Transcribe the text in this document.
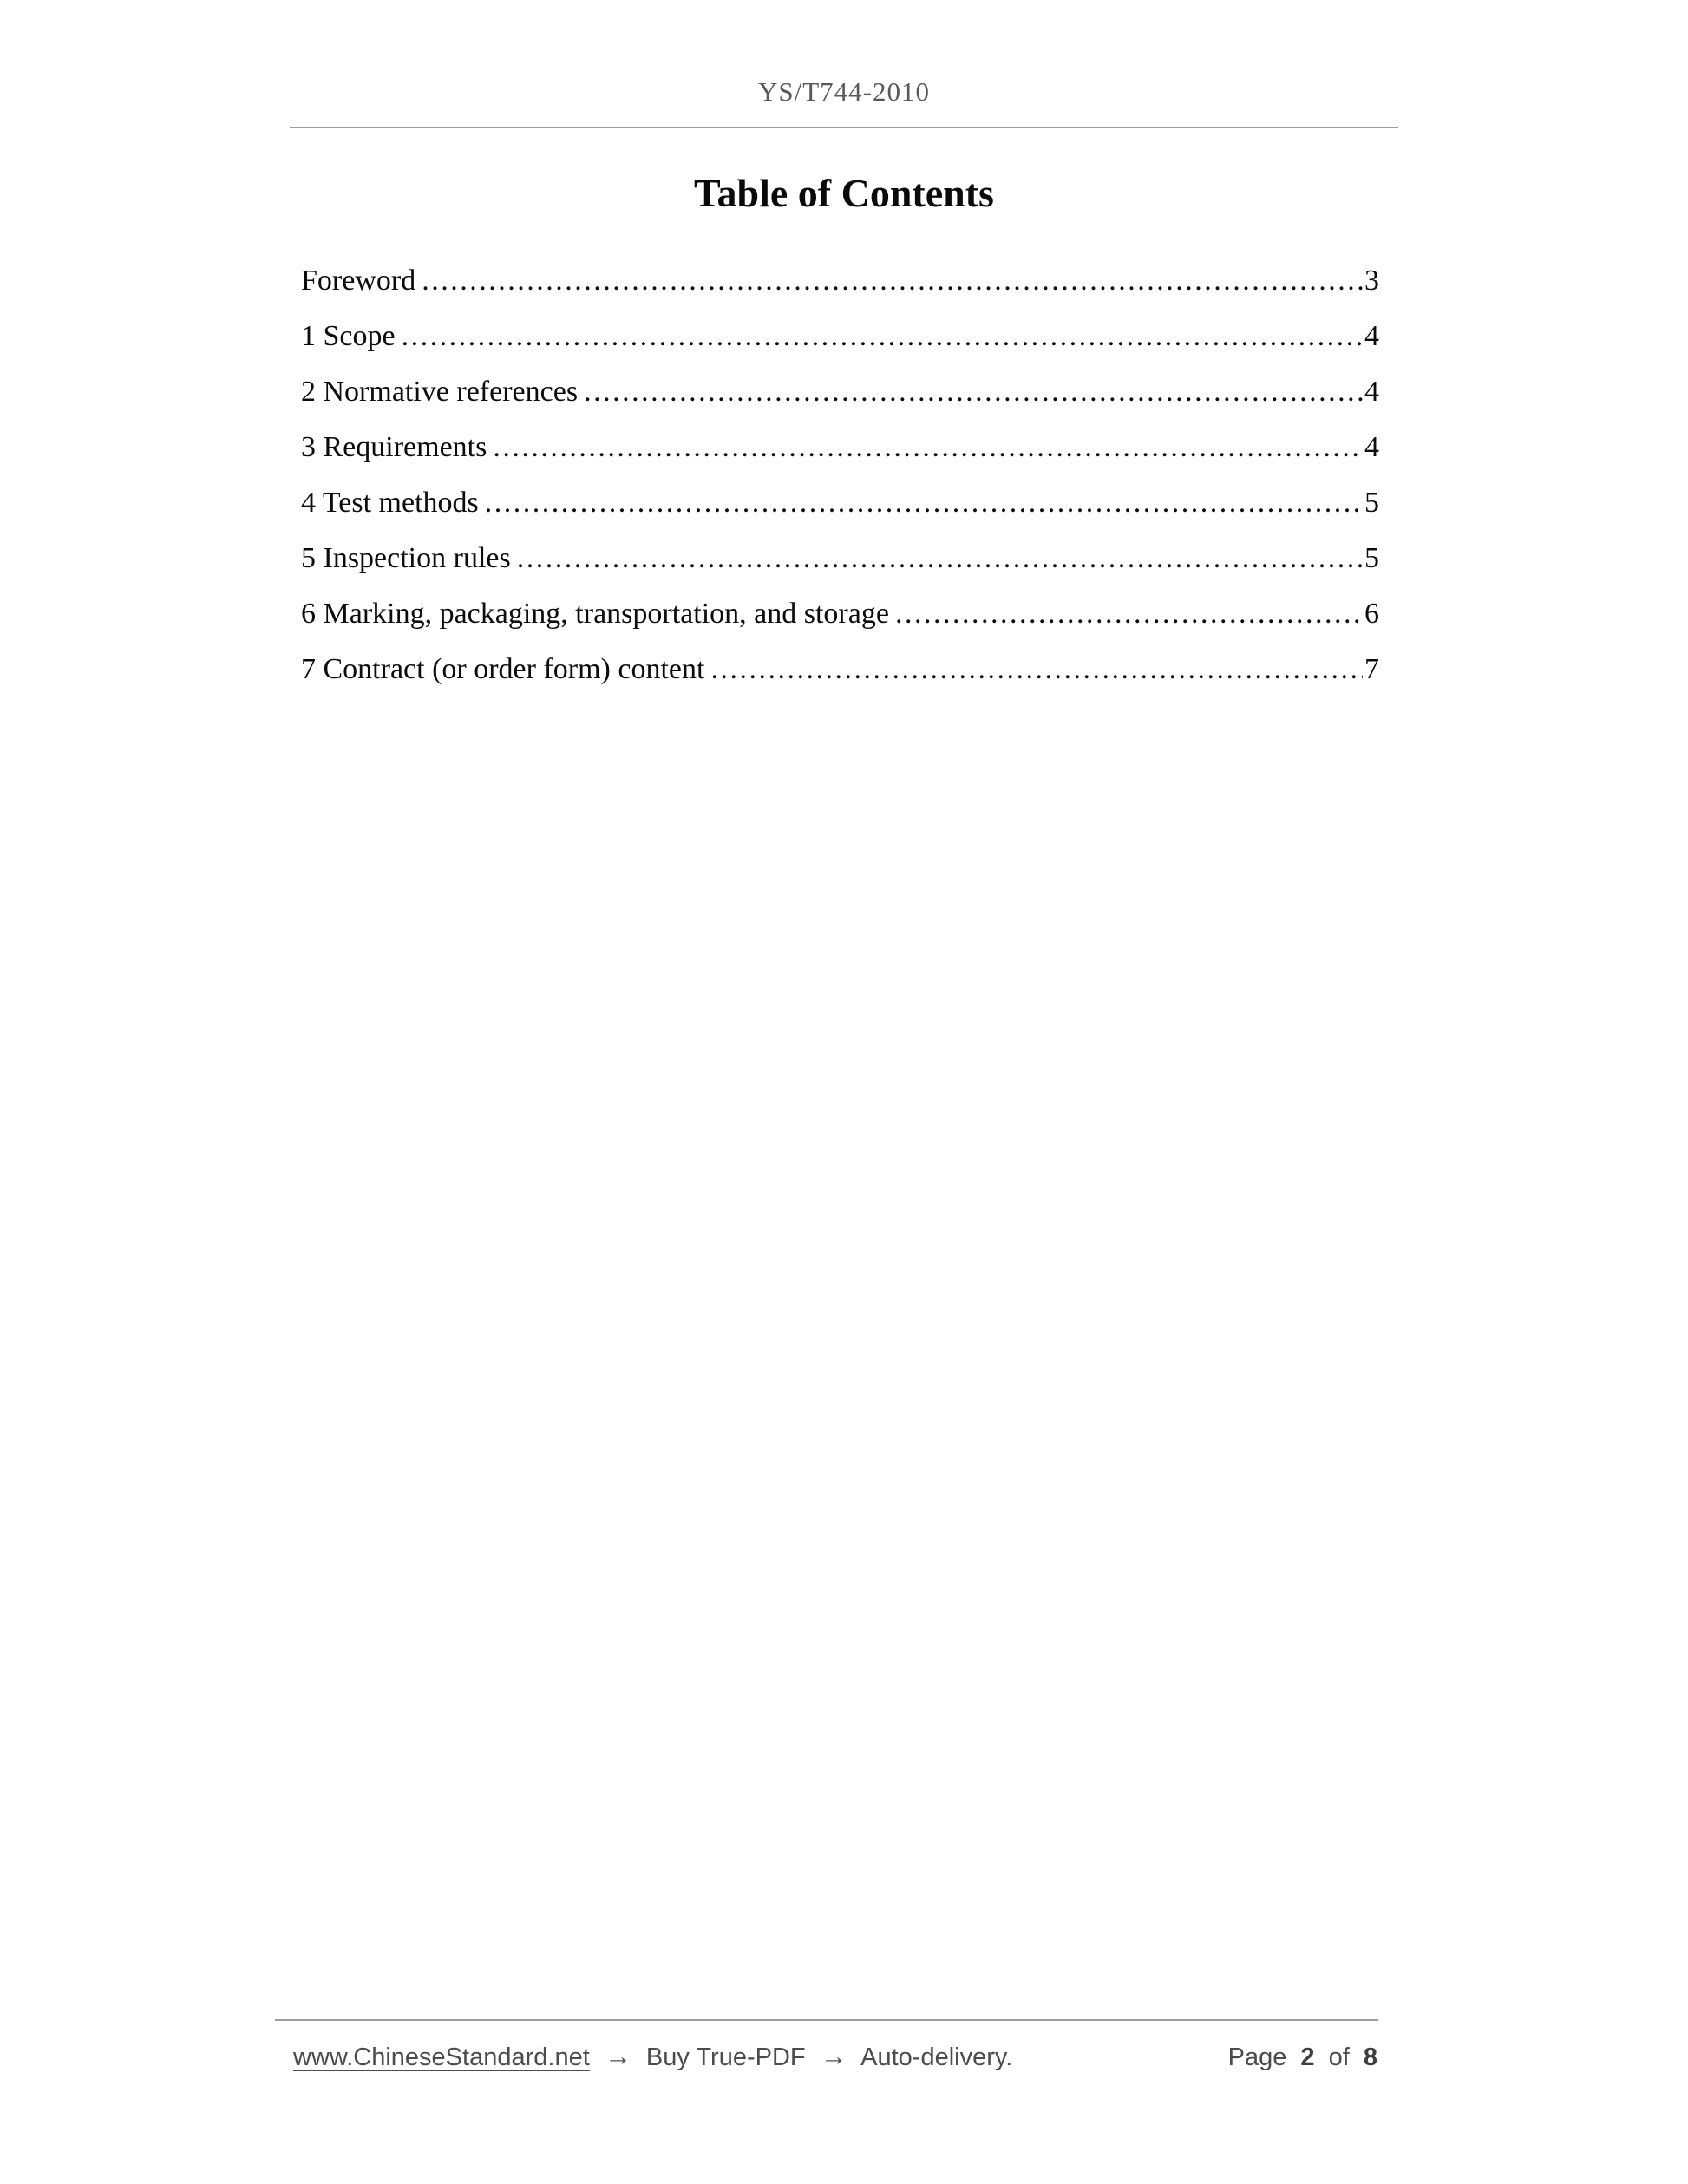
YS/T744-2010
Table of Contents
Foreword .....	3
1 Scope .....	4
2 Normative references .....	4
3 Requirements .....	4
4 Test methods .....	5
5 Inspection rules .....	5
6 Marking, packaging, transportation, and storage .....	6
7 Contract (or order form) content .....	7
www.ChineseStandard.net → Buy True-PDF → Auto-delivery.	Page 2 of 8
